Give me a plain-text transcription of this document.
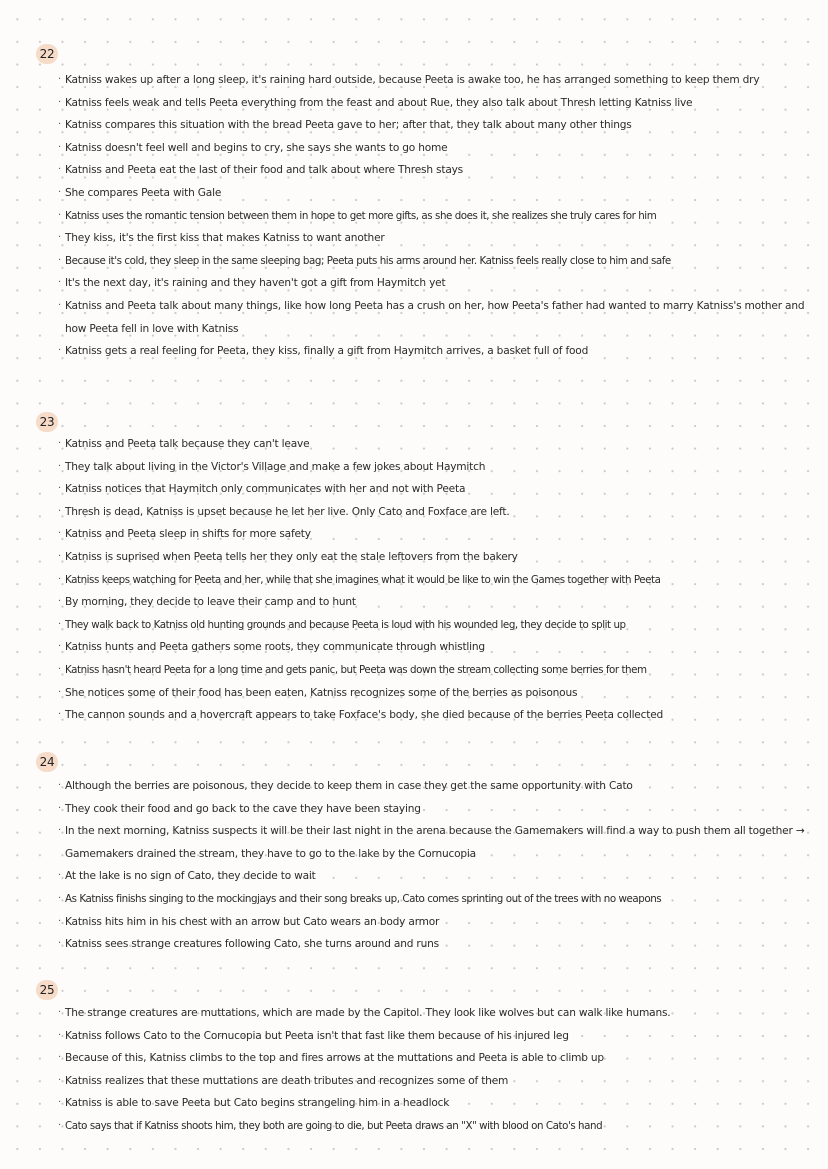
22
· Katniss wakes up after a long sleep, it's raining hard outside, because Peeta is awake too, he has arranged something to keep them dry
· Katniss feels weak and tells Peeta everything from the feast and about Rue, they also talk about Thresh letting Katniss live
· Katniss compares this situation with the bread Peeta gave to her; after that, they talk about many other things
· Katniss doesn't feel well and begins to cry, she says she wants to go home
· Katniss and Peeta eat the last of their food and talk about where Thresh stays
· She compares Peeta with Gale
· Katniss uses the romantic tension between them in hope to get more gifts, as she does it, she realizes she truly cares for him
· They kiss, it's the first kiss that makes Katniss to want another
· Because it's cold, they sleep in the same sleeping bag; Peeta puts his arms around her. Katniss feels really close to him and safe
· It's the next day, it's raining and they haven't got a gift from Haymitch yet
· Katniss and Peeta talk about many things, like how long Peeta has a crush on her, how Peeta's father had wanted to marry Katniss's mother and how Peeta fell in love with Katniss
· Katniss gets a real feeling for Peeta, they kiss, finally a gift from Haymitch arrives, a basket full of food
23
· Katniss and Peeta talk because they can't leave
· They talk about living in the Victor's Village and make a few jokes about Haymitch
· Katniss notices that Haymitch only communicates with her and not with Peeta
· Thresh is dead, Katniss is upset because he let her live. Only Cato and Foxface are left.
· Katniss and Peeta sleep in shifts for more safety
· Katniss is suprised when Peeta tells her they only eat the stale leftovers from the bakery
· Katniss keeps watching for Peeta and her, while that she imagines what it would be like to win the Games together with Peeta
· By morning, they decide to leave their camp and to hunt
· They walk back to Katniss old hunting grounds and because Peeta is loud with his wounded leg, they decide to split up
· Katniss hunts and Peeta gathers some roots, they communicate through whistling
· Katniss hasn't heard Peeta for a long time and gets panic, but Peeta was down the stream collecting some berries for them
· She notices some of their food has been eaten, Katniss recognizes some of the berries as poisonous
· The cannon sounds and a hovercraft appears to take Foxface's body, she died because of the berries Peeta collected
24
· Although the berries are poisonous, they decide to keep them in case they get the same opportunity with Cato
· They cook their food and go back to the cave they have been staying
· In the next morning, Katniss suspects it will be their last night in the arena because the Gamemakers will find a way to push them all together → Gamemakers drained the stream, they have to go to the lake by the Cornucopia
· At the lake is no sign of Cato, they decide to wait
· As Katniss finishs singing to the mockingjays and their song breaks up, Cato comes sprinting out of the trees with no weapons
· Katniss hits him in his chest with an arrow but Cato wears an body armor
· Katniss sees strange creatures following Cato, she turns around and runs
25
· The strange creatures are muttations, which are made by the Capitol. They look like wolves but can walk like humans.
· Katniss follows Cato to the Cornucopia but Peeta isn't that fast like them because of his injured leg
· Because of this, Katniss climbs to the top and fires arrows at the muttations and Peeta is able to climb up
· Katniss realizes that these muttations are death tributes and recognizes some of them
· Katniss is able to save Peeta but Cato begins strangeling him in a headlock
· Cato says that if Katniss shoots him, they both are going to die, but Peeta draws an "X" with blood on Cato's hand
